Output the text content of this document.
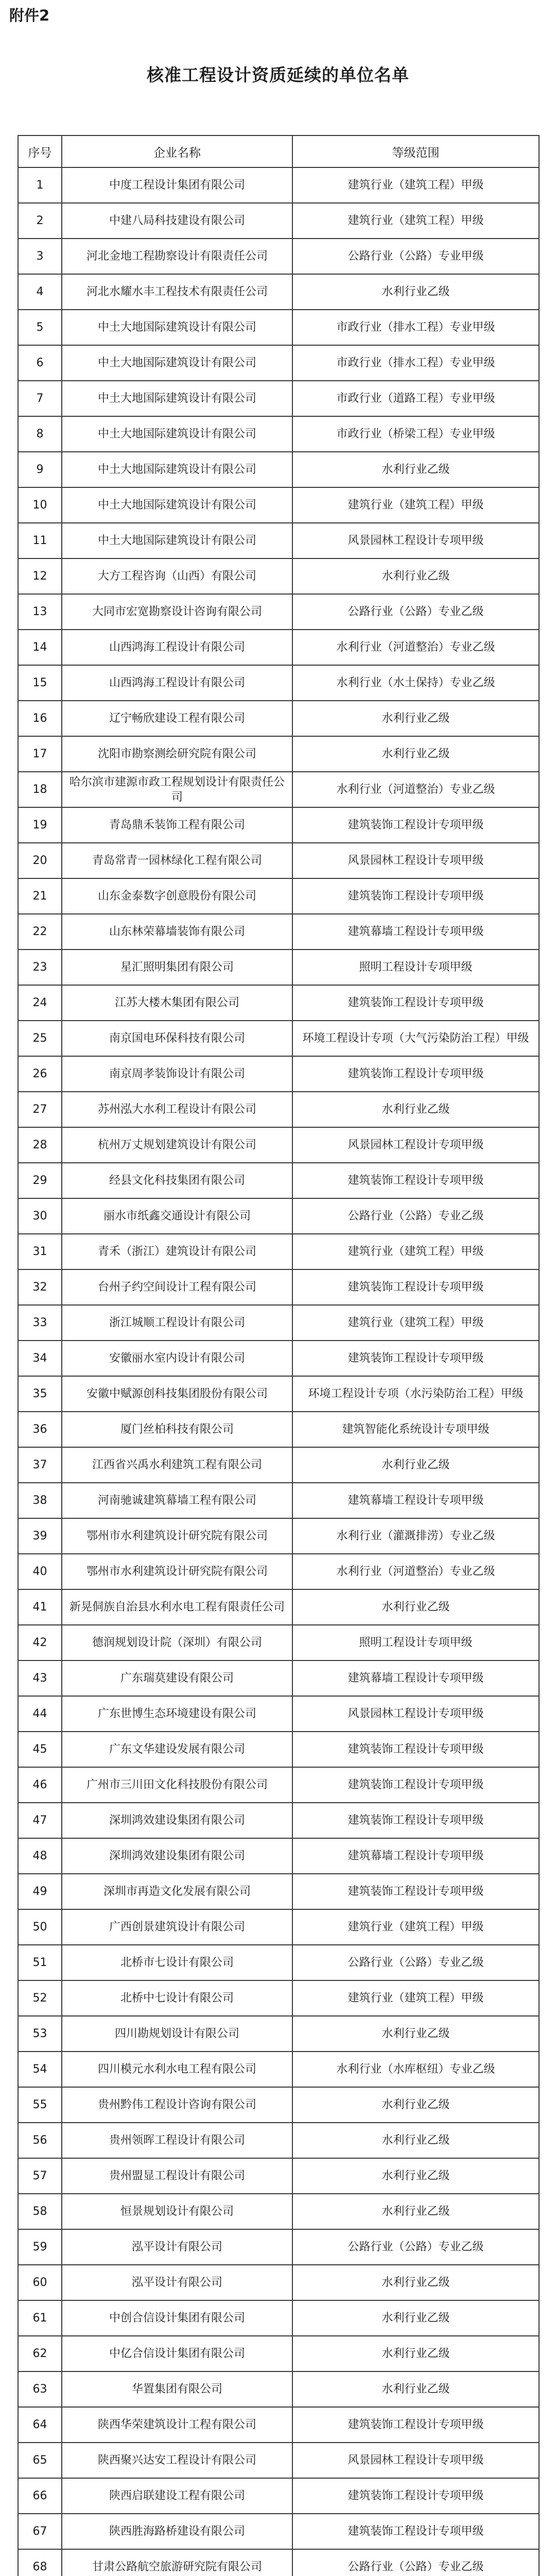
附件2
核准工程设计资质延续的单位名单
序号	企业名称	等级范围
1	中度工程设计集团有限公司	建筑行业（建筑工程）甲级
2	中建八局科技建设有限公司	建筑行业（建筑工程）甲级
3	河北金地工程勘察设计有限责任公司	公路行业（公路）专业甲级
4	河北水耀水丰工程技术有限责任公司	水利行业乙级
5	中土大地国际建筑设计有限公司	市政行业（排水工程）专业甲级
6	中土大地国际建筑设计有限公司	市政行业（排水工程）专业甲级
7	中土大地国际建筑设计有限公司	市政行业（道路工程）专业甲级
8	中土大地国际建筑设计有限公司	市政行业（桥梁工程）专业甲级
9	中土大地国际建筑设计有限公司	水利行业乙级
10	中土大地国际建筑设计有限公司	建筑行业（建筑工程）甲级
11	中土大地国际建筑设计有限公司	风景园林工程设计专项甲级
12	大方工程咨询（山西）有限公司	水利行业乙级
13	大同市宏宽勘察设计咨询有限公司	公路行业（公路）专业乙级
14	山西鸿海工程设计有限公司	水利行业（河道整治）专业乙级
15	山西鸿海工程设计有限公司	水利行业（水土保持）专业乙级
16	辽宁畅欣建设工程有限公司	水利行业乙级
17	沈阳市勘察测绘研究院有限公司	水利行业乙级
18	哈尔滨市建源市政工程规划设计有限责任公司	水利行业（河道整治）专业乙级
19	青岛鼎禾装饰工程有限公司	建筑装饰工程设计专项甲级
20	青岛常青一园林绿化工程有限公司	风景园林工程设计专项甲级
21	山东金泰数字创意股份有限公司	建筑装饰工程设计专项甲级
22	山东林荣幕墙装饰有限公司	建筑幕墙工程设计专项甲级
23	星汇照明集团有限公司	照明工程设计专项甲级
24	江苏大楼木集团有限公司	建筑装饰工程设计专项甲级
25	南京国电环保科技有限公司	环境工程设计专项（大气污染防治工程）甲级
26	南京周孝装饰设计有限公司	建筑装饰工程设计专项甲级
27	苏州泓大水利工程设计有限公司	水利行业乙级
28	杭州万丈规划建筑设计有限公司	风景园林工程设计专项甲级
29	经县文化科技集团有限公司	建筑装饰工程设计专项甲级
30	丽水市纸鑫交通设计有限公司	公路行业（公路）专业乙级
31	青禾（浙江）建筑设计有限公司	建筑行业（建筑工程）甲级
32	台州子约空间设计工程有限公司	建筑装饰工程设计专项甲级
33	浙江城顺工程设计有限公司	建筑行业（建筑工程）甲级
34	安徽丽水室内设计有限公司	建筑装饰工程设计专项甲级
35	安徽中赋源创科技集团股份有限公司	环境工程设计专项（水污染防治工程）甲级
36	厦门丝柏科技有限公司	建筑智能化系统设计专项甲级
37	江西省兴禹水利建筑工程有限公司	水利行业乙级
38	河南驰诚建筑幕墙工程有限公司	建筑幕墙工程设计专项甲级
39	鄂州市水利建筑设计研究院有限公司	水利行业（灌溉排涝）专业乙级
40	鄂州市水利建筑设计研究院有限公司	水利行业（河道整治）专业乙级
41	新晃侗族自治县水利水电工程有限责任公司	水利行业乙级
42	德润规划设计院（深圳）有限公司	照明工程设计专项甲级
43	广东瑞莫建设有限公司	建筑幕墙工程设计专项甲级
44	广东世博生态环境建设有限公司	风景园林工程设计专项甲级
45	广东文华建设发展有限公司	建筑装饰工程设计专项甲级
46	广州市三川田文化科技股份有限公司	建筑装饰工程设计专项甲级
47	深圳鸿效建设集团有限公司	建筑装饰工程设计专项甲级
48	深圳鸿效建设集团有限公司	建筑幕墙工程设计专项甲级
49	深圳市再造文化发展有限公司	建筑装饰工程设计专项甲级
50	广西创景建筑设计有限公司	建筑行业（建筑工程）甲级
51	北桥市七设计有限公司	公路行业（公路）专业乙级
52	北桥中七设计有限公司	建筑行业（建筑工程）甲级
53	四川勘规划设计有限公司	水利行业乙级
54	四川模元水利水电工程有限公司	水利行业（水库枢纽）专业乙级
55	贵州黔伟工程设计咨询有限公司	水利行业乙级
56	贵州领晖工程设计有限公司	水利行业乙级
57	贵州盟显工程设计有限公司	水利行业乙级
58	恒景规划设计有限公司	水利行业乙级
59	泓平设计有限公司	公路行业（公路）专业乙级
60	泓平设计有限公司	水利行业乙级
61	中创合信设计集团有限公司	水利行业乙级
62	中亿合信设计集团有限公司	水利行业乙级
63	华置集团有限公司	水利行业乙级
64	陕西华荣建筑设计工程有限公司	建筑装饰工程设计专项甲级
65	陕西聚兴达安工程设计有限公司	风景园林工程设计专项甲级
66	陕西启联建设工程有限公司	建筑装饰工程设计专项甲级
67	陕西胜海路桥建设有限公司	建筑装饰工程设计专项甲级
68	甘肃公路航空旅游研究院有限公司	公路行业（公路）专业乙级
